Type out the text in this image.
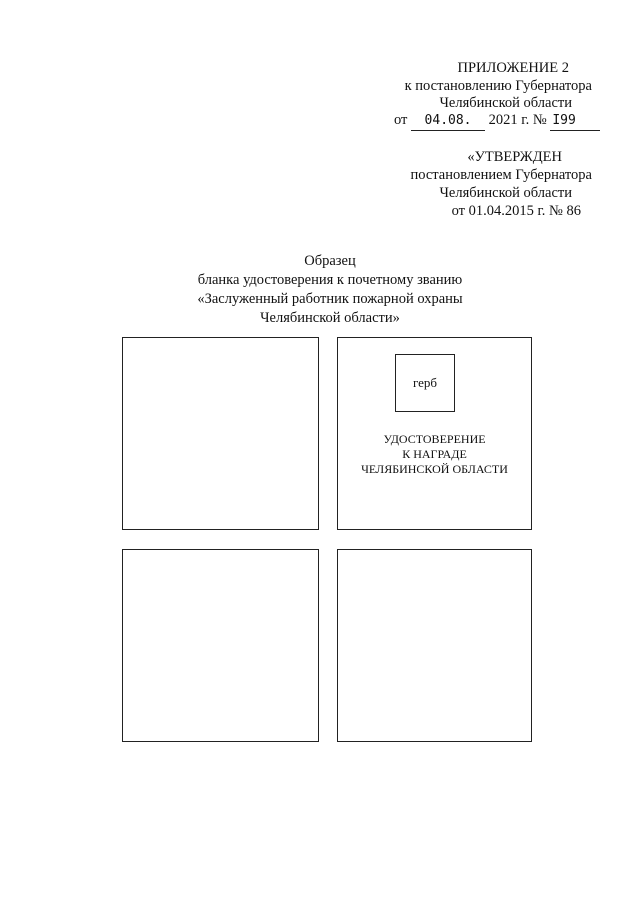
ПРИЛОЖЕНИЕ 2
к постановлению Губернатора
Челябинской области
от 04.08. 2021 г. № I99
«УТВЕРЖДЕН
постановлением Губернатора
Челябинской области
от 01.04.2015 г. № 86
Образец
бланка удостоверения к почетному званию
«Заслуженный работник пожарной охраны
Челябинской области»
герб
УДОСТОВЕРЕНИЕ
К НАГРАДЕ
ЧЕЛЯБИНСКОЙ ОБЛАСТИ
